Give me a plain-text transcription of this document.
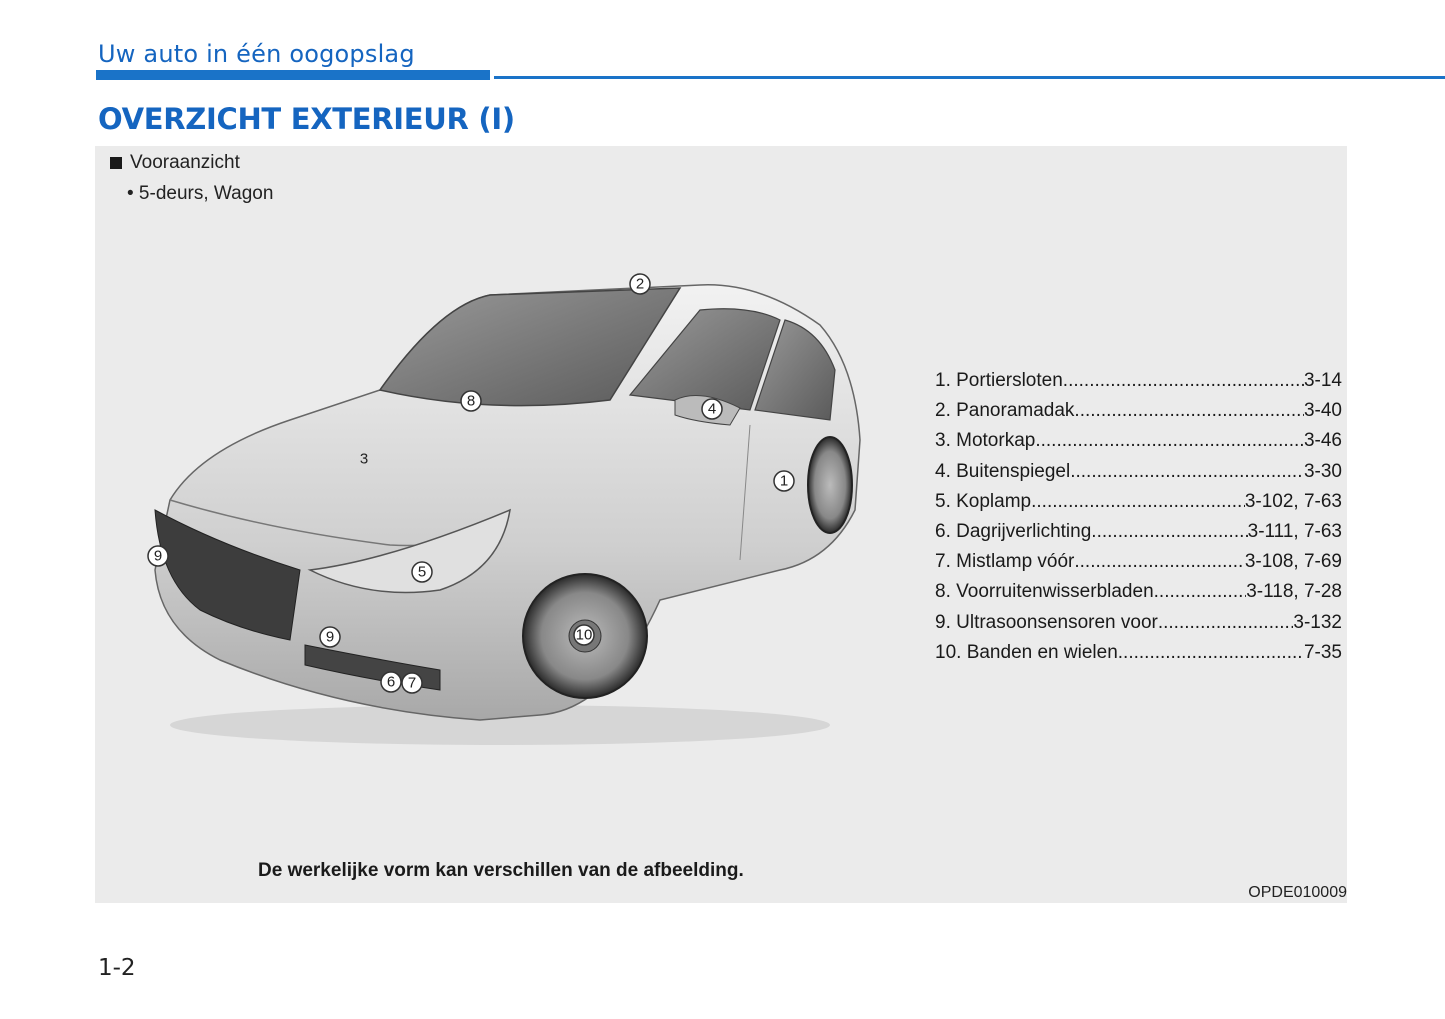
Uw auto in één oogopslag
OVERZICHT EXTERIEUR (I)
Vooraanzicht
• 5-deurs, Wagon
2
8	4
3
1
9
5
9	10
6 7
1. Portiersloten .....	3-14
2. Panoramadak .....	3-40
3. Motorkap .....	3-46
4. Buitenspiegel .....	3-30
5. Koplamp .....	3-102, 7-63
6. Dagrijverlichting .....	3-111, 7-63
7. Mistlamp vóór .....	3-108, 7-69
8. Voorruitenwisserbladen .....	3-118, 7-28
9. Ultrasoonsensoren voor .....	3-132
10. Banden en wielen .....	7-35
De werkelijke vorm kan verschillen van de afbeelding.
OPDE010009
1-2
